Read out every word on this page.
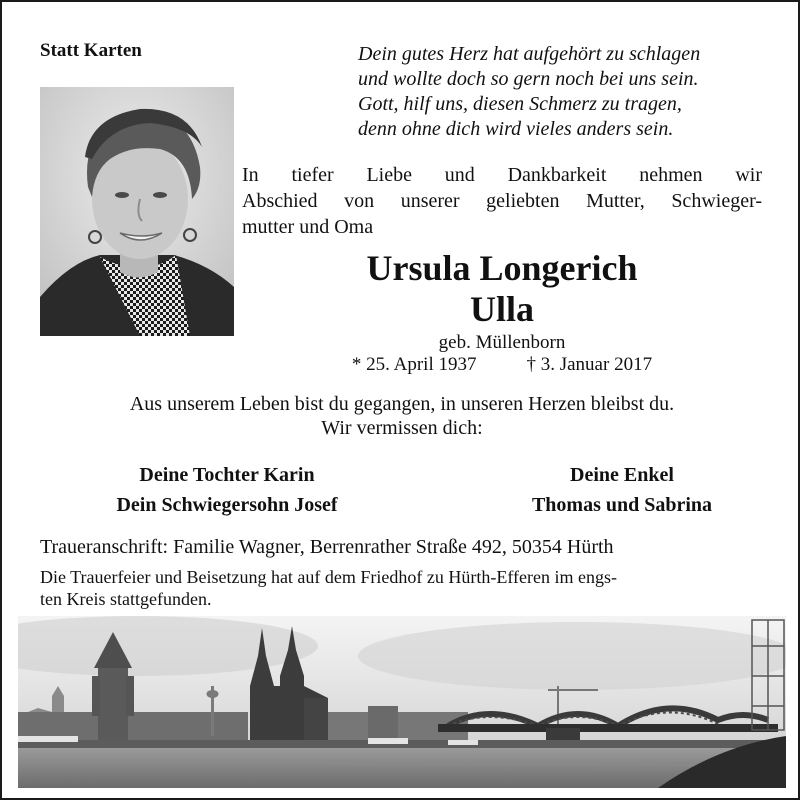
Statt Karten	Dein gutes Herz hat aufgehört zu schlagen
und wollte doch so gern noch bei uns sein.
Gott, hilf uns, diesen Schmerz zu tragen,
denn ohne dich wird vieles anders sein.
In tiefer Liebe und Dankbarkeit nehmen wir
Abschied von unserer geliebten Mutter, Schwieger-
mutter und Oma
Ursula Longerich
Ulla
geb. Müllenborn
* 25. April 1937	† 3. Januar 2017
Aus unserem Leben bist du gegangen, in unseren Herzen bleibst du.
Wir vermissen dich:
Deine Tochter Karin
Dein Schwiegersohn Josef
Deine Enkel
Thomas und Sabrina
Traueranschrift: Familie Wagner, Berrenrather Straße 492, 50354 Hürth
Die Trauerfeier und Beisetzung hat auf dem Friedhof zu Hürth-Efferen im engs-
ten Kreis stattgefunden.
